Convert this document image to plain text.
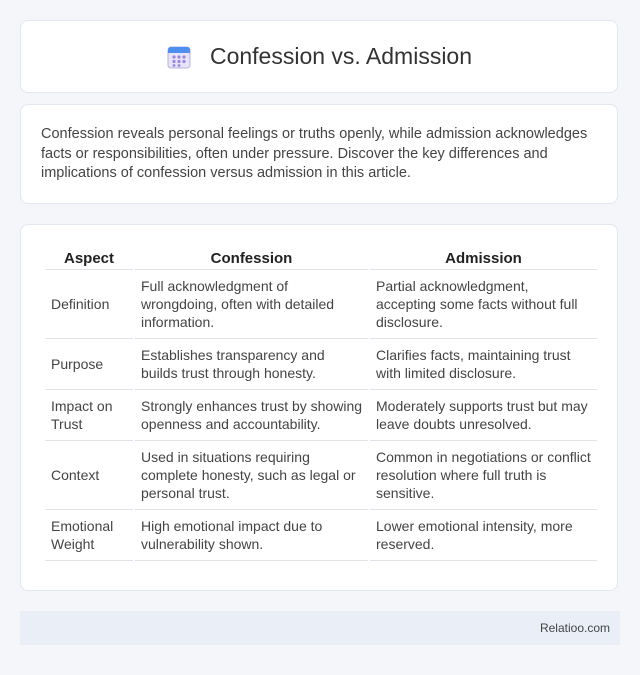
Confession vs. Admission

Confession reveals personal feelings or truths openly, while admission acknowledges facts or responsibilities, often under pressure. Discover the key differences and implications of confession versus admission in this article.

Aspect	Confession	Admission
Definition	Full acknowledgment of wrongdoing, often with detailed information.	Partial acknowledgment, accepting some facts without full disclosure.
Purpose	Establishes transparency and builds trust through honesty.	Clarifies facts, maintaining trust with limited disclosure.
Impact on Trust	Strongly enhances trust by showing openness and accountability.	Moderately supports trust but may leave doubts unresolved.
Context	Used in situations requiring complete honesty, such as legal or personal trust.	Common in negotiations or conflict resolution where full truth is sensitive.
Emotional Weight	High emotional impact due to vulnerability shown.	Lower emotional intensity, more reserved.
Relatioo.com
